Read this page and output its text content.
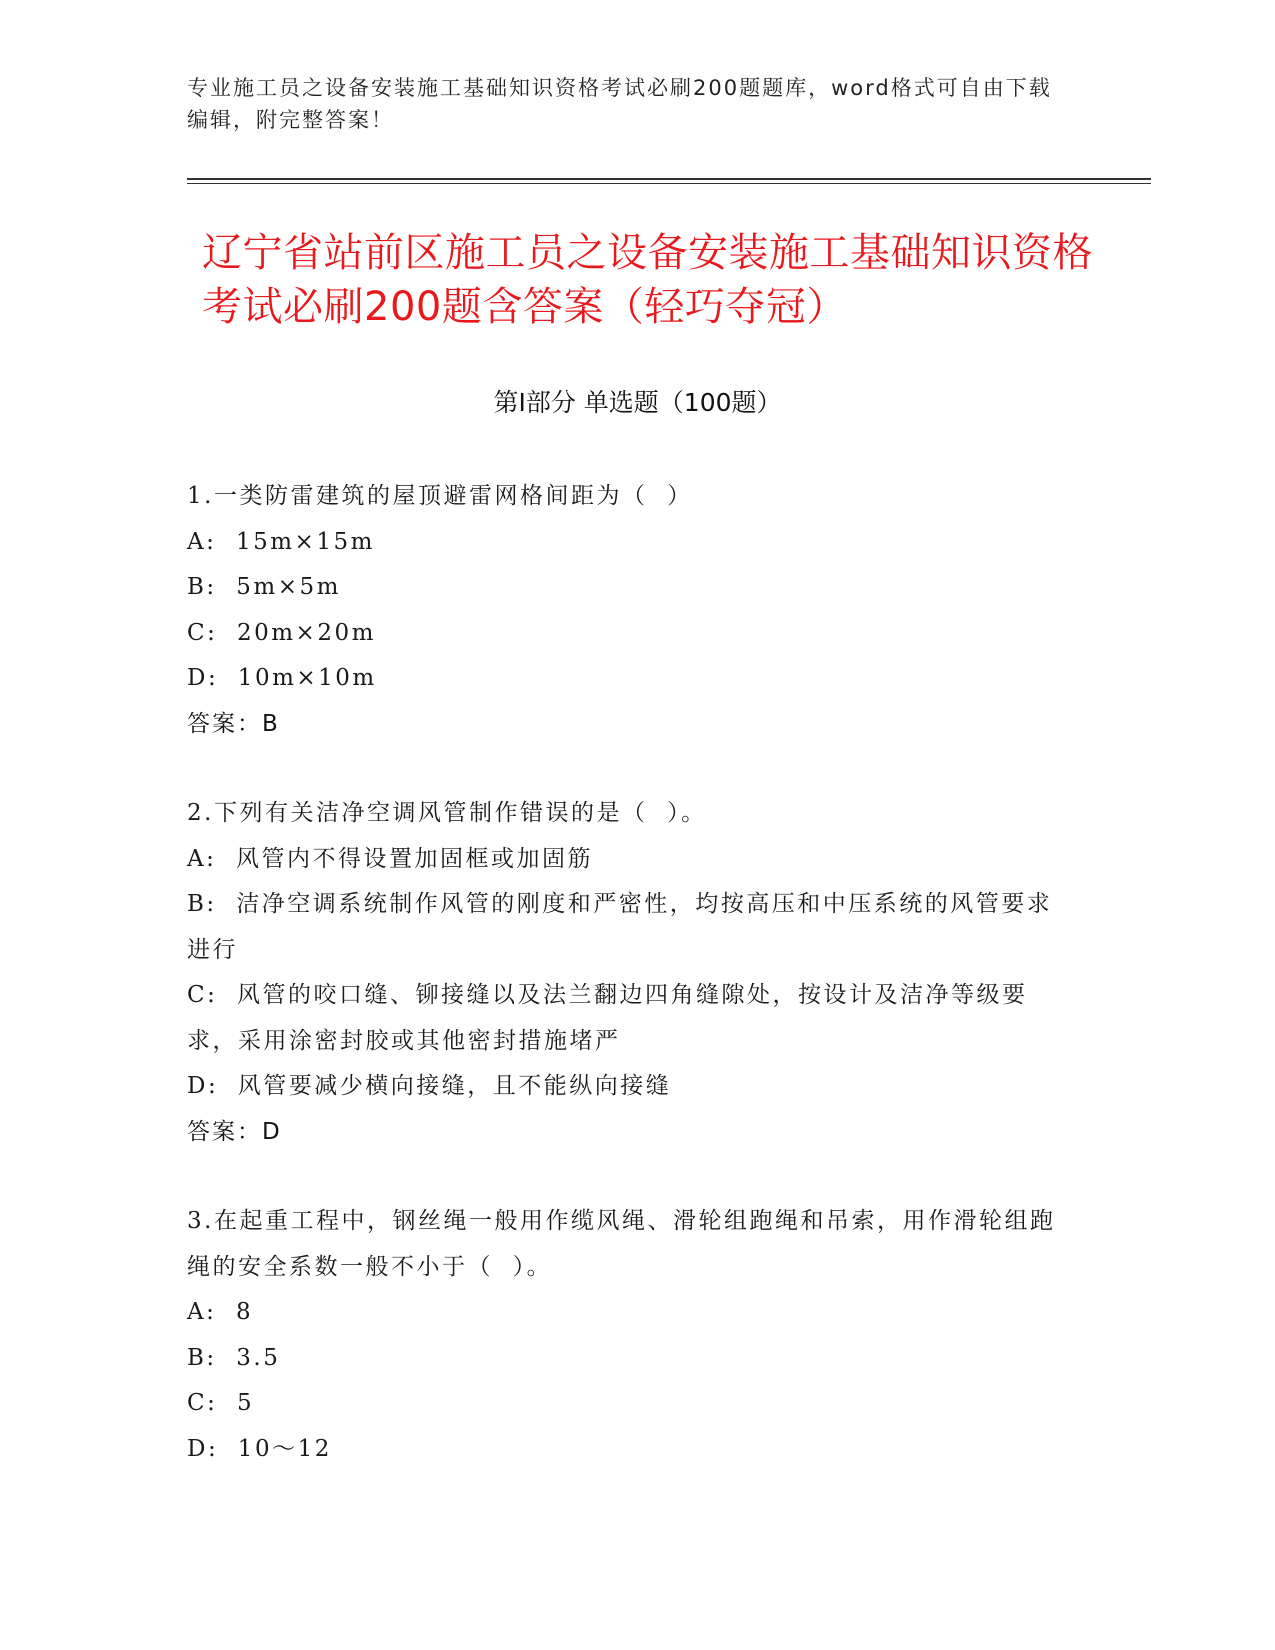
专业施工员之设备安装施工基础知识资格考试必刷200题题库，word格式可自由下载编辑，附完整答案！
辽宁省站前区施工员之设备安装施工基础知识资格考试必刷200题含答案（轻巧夺冠）
第Ⅰ部分 单选题（100题）
1.一类防雷建筑的屋顶避雷网格间距为（  ）
A:  15m×15m
B:  5m×5m
C:  20m×20m
D:  10m×10m
答案：B
2.下列有关洁净空调风管制作错误的是（  ）。
A:  风管内不得设置加固框或加固筋
B:  洁净空调系统制作风管的刚度和严密性，均按高压和中压系统的风管要求进行
C:  风管的咬口缝、铆接缝以及法兰翻边四角缝隙处，按设计及洁净等级要求，采用涂密封胶或其他密封措施堵严
D:  风管要减少横向接缝，且不能纵向接缝
答案：D
3.在起重工程中，钢丝绳一般用作缆风绳、滑轮组跑绳和吊索，用作滑轮组跑绳的安全系数一般不小于（  ）。
A:  8
B:  3.5
C:  5
D:  10～12
